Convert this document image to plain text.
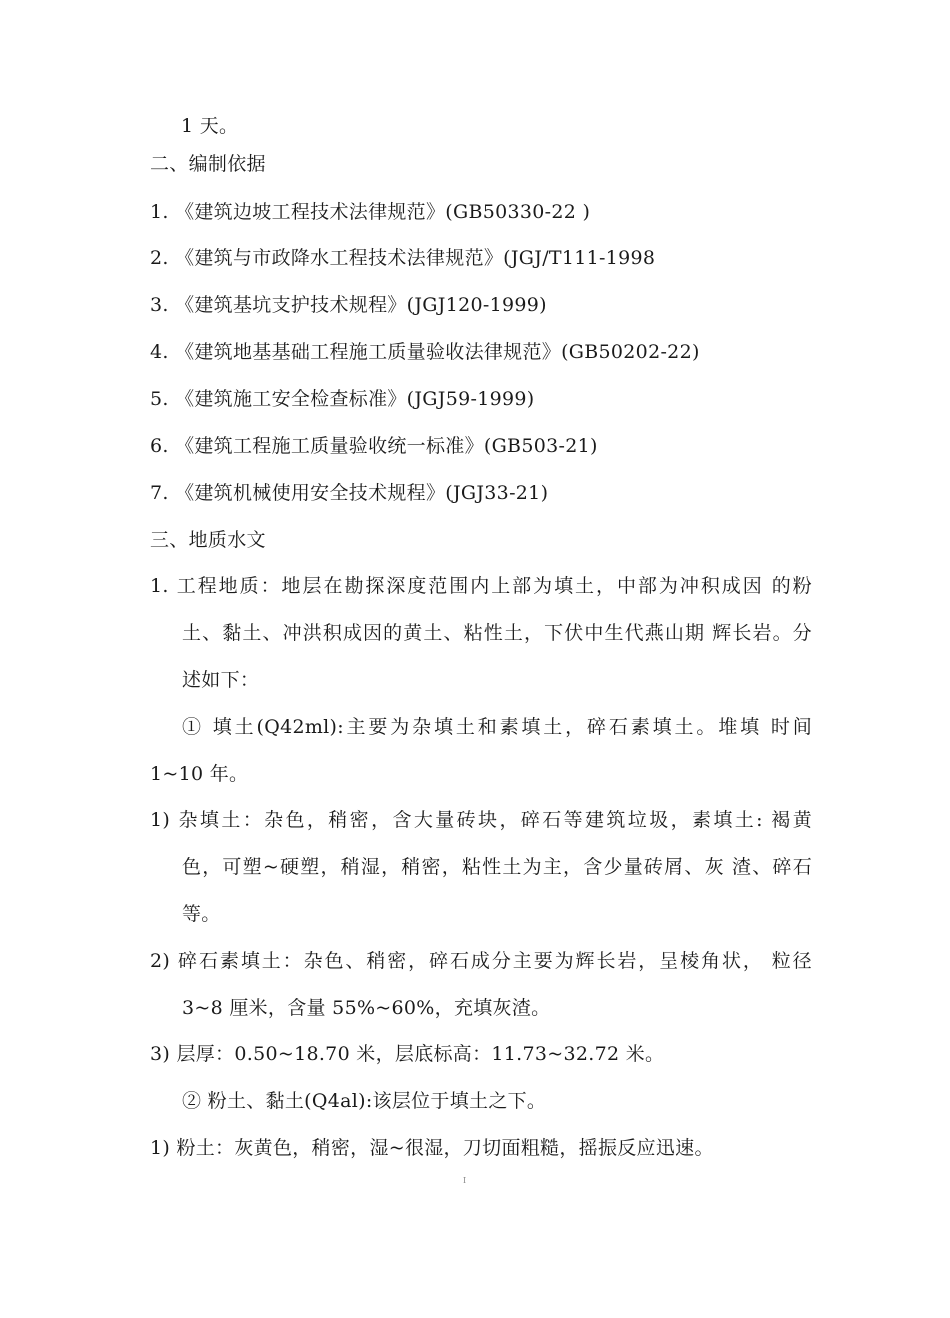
1 天。
二、编制依据
1. 《建筑边坡工程技术法律规范》(GB50330-22 )
2. 《建筑与市政降水工程技术法律规范》(JGJ/T111-1998
3. 《建筑基坑支护技术规程》(JGJ120-1999)
4. 《建筑地基基础工程施工质量验收法律规范》(GB50202-22)
5. 《建筑施工安全检查标准》(JGJ59-1999)
6. 《建筑工程施工质量验收统一标准》(GB503-21)
7. 《建筑机械使用安全技术规程》(JGJ33-21)
三、地质水文
1. 工程地质：地层在勘探深度范围内上部为填土，中部为冲积成因 的粉
土、黏土、冲洪积成因的黄土、粘性土，下伏中生代燕山期 辉长岩。分
述如下：
① 填土(Q42ml):主要为杂填土和素填土，碎石素填土。堆填 时间
1~10 年。
1) 杂填土：杂色，稍密，含大量砖块，碎石等建筑垃圾，素填土: 褐黄
色，可塑~硬塑，稍湿，稍密，粘性土为主，含少量砖屑、灰 渣、碎石
等。
2) 碎石素填土：杂色、稍密，碎石成分主要为辉长岩，呈棱角状， 粒径
3~8 厘米，含量 55%~60%，充填灰渣。
3) 层厚：0.50~18.70 米，层底标高：11.73~32.72 米。
② 粉土、黏土(Q4al):该层位于填土之下。
1) 粉土：灰黄色，稍密，湿~很湿，刀切面粗糙，摇振反应迅速。
I
